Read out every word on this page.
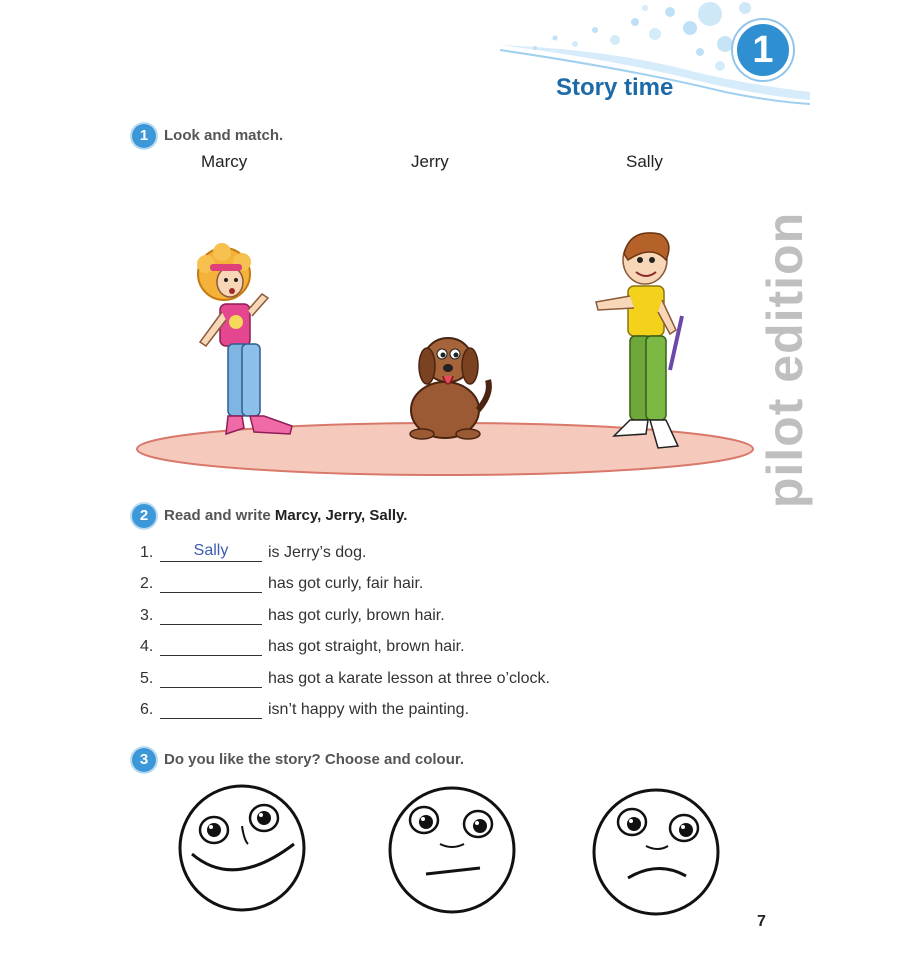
1
Story time
1	Look and match.
Marcy	Jerry	Sally
pilot edition
2	Read and write Marcy, Jerry, Sally.
1.	Sally	is Jerry’s dog.
2.	has got curly, fair hair.
3.	has got curly, brown hair.
4.	has got straight, brown hair.
5.	has got a karate lesson at three o’clock.
6.	isn’t happy with the painting.
3	Do you like the story? Choose and colour.
7
